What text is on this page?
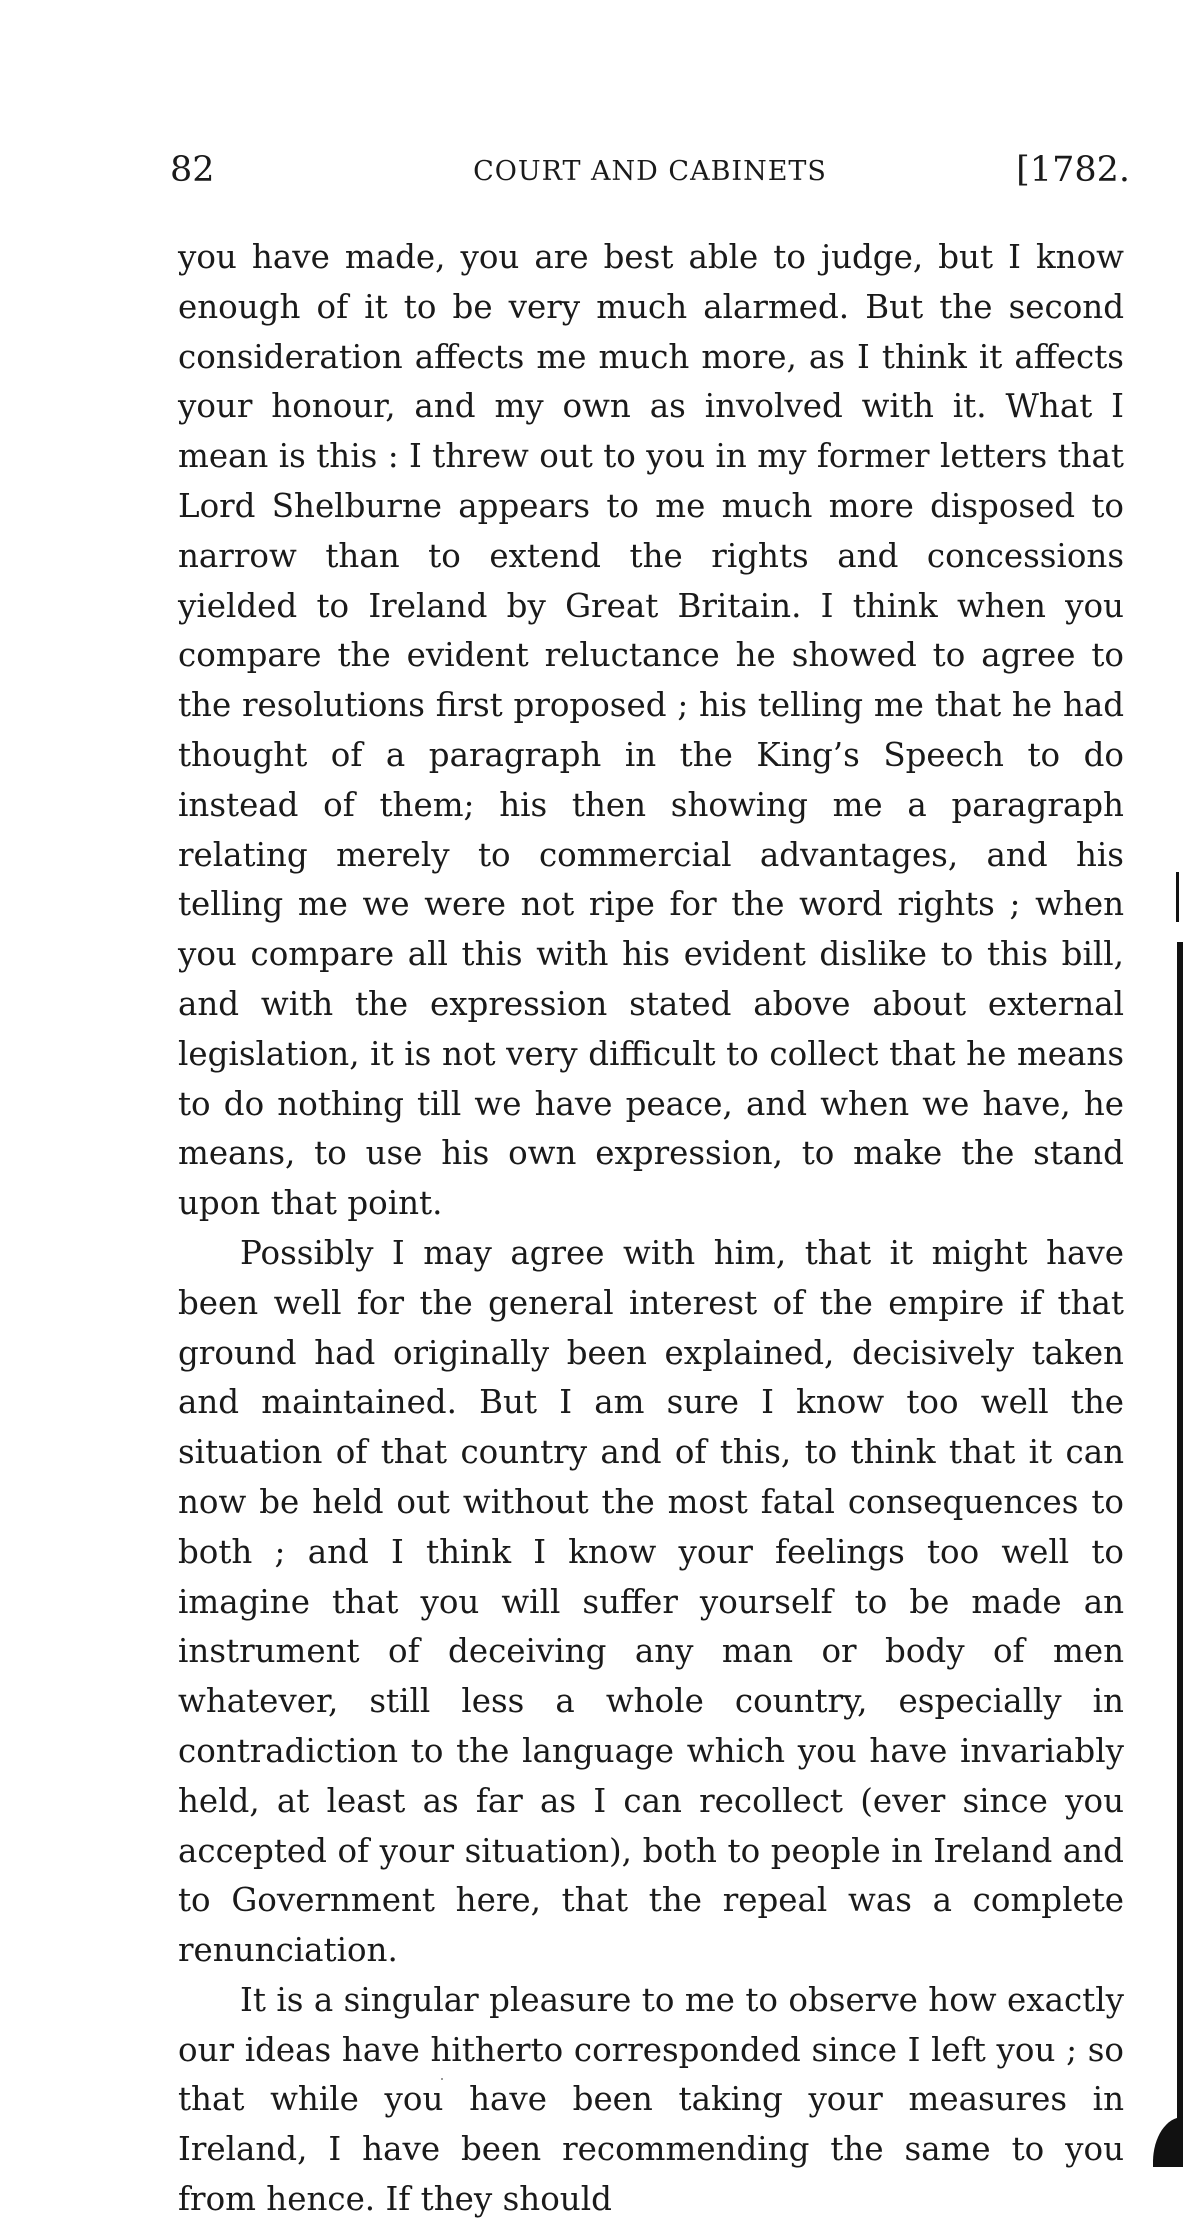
82	COURT AND CABINETS	[1782.

you have made, you are best able to judge, but I know enough of it to be very much alarmed. But the second consideration affects me much more, as I think it affects your honour, and my own as involved with it. What I mean is this : I threw out to you in my former letters that Lord Shelburne appears to me much more disposed to narrow than to extend the rights and concessions yielded to Ireland by Great Britain. I think when you compare the evident reluctance he showed to agree to the resolutions first proposed ; his telling me that he had thought of a paragraph in the King’s Speech to do instead of them; his then showing me a paragraph relating merely to commercial advantages, and his telling me we were not ripe for the word rights ; when you compare all this with his evident dislike to this bill, and with the expression stated above about external legislation, it is not very difficult to collect that he means to do nothing till we have peace, and when we have, he means, to use his own expression, to make the stand upon that point.

Possibly I may agree with him, that it might have been well for the general interest of the empire if that ground had originally been explained, decisively taken and maintained. But I am sure I know too well the situation of that country and of this, to think that it can now be held out without the most fatal consequences to both ; and I think I know your feelings too well to imagine that you will suffer yourself to be made an instrument of deceiving any man or body of men whatever, still less a whole country, especially in contradiction to the language which you have invariably held, at least as far as I can recollect (ever since you accepted of your situation), both to people in Ireland and to Government here, that the repeal was a complete renunciation.

It is a singular pleasure to me to observe how exactly our ideas have hitherto corresponded since I left you ; so that while you have been taking your measures in Ireland, I have been recommending the same to you from hence. If they should
